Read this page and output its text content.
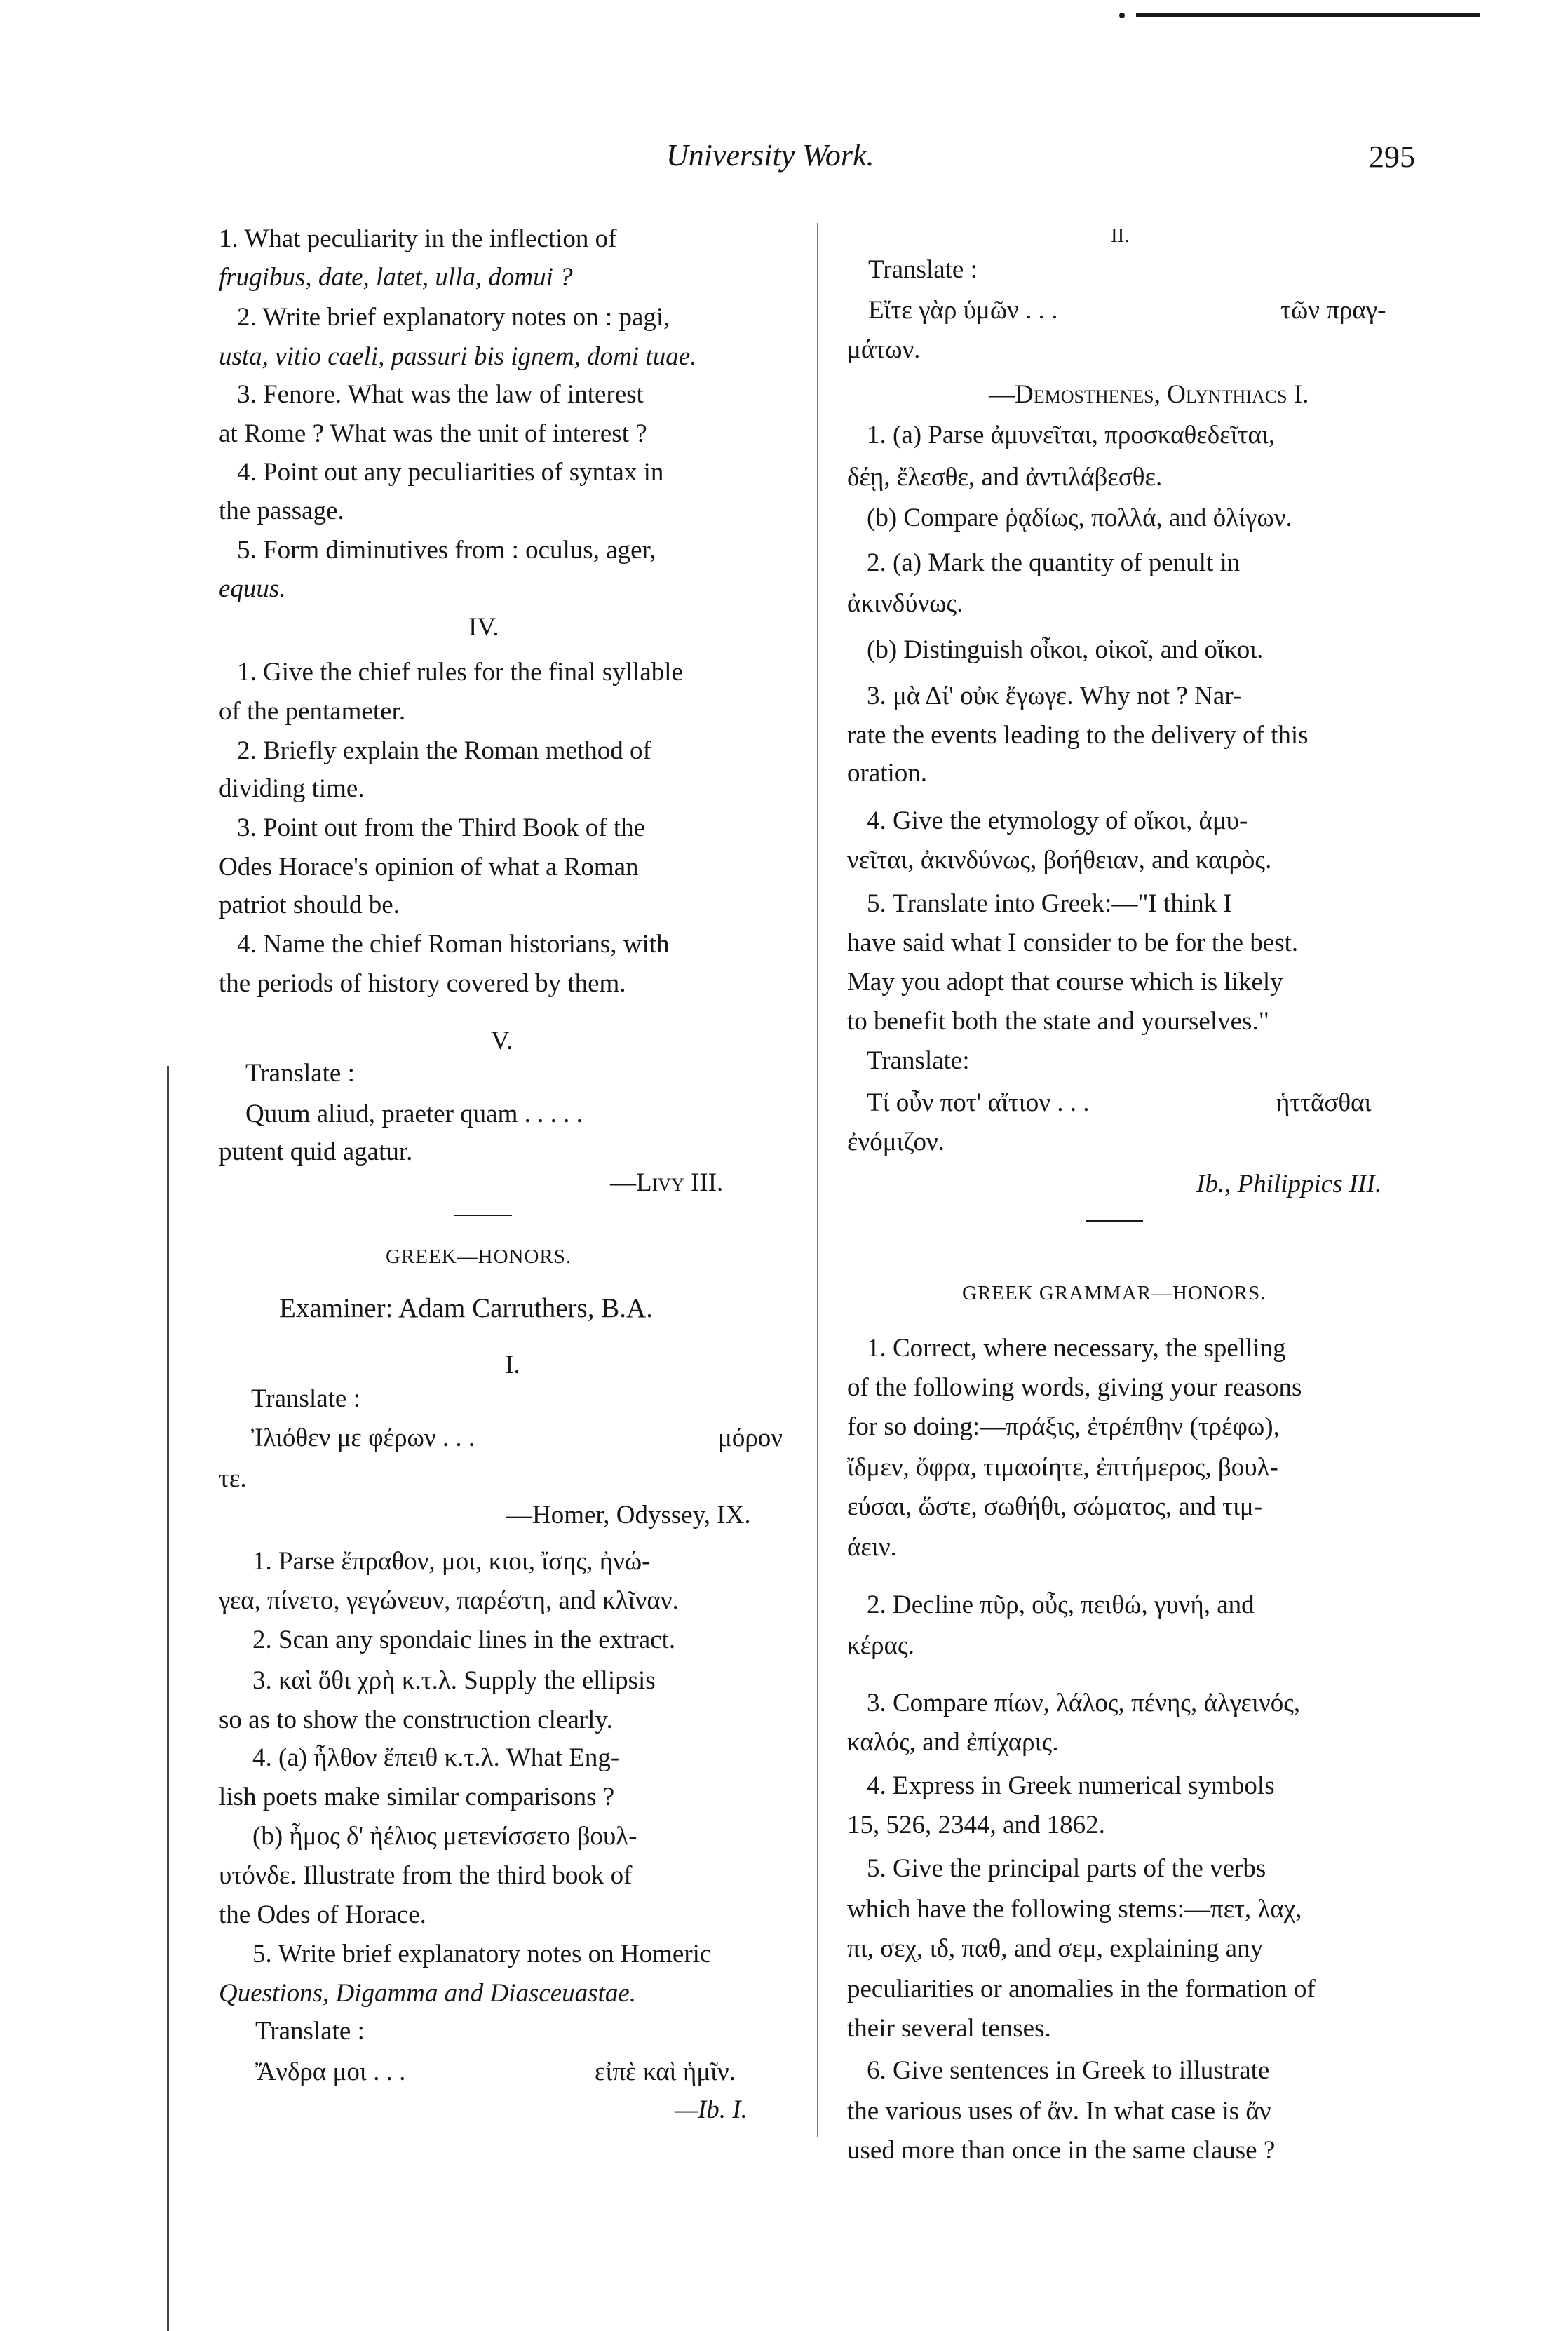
University Work.	295
1. What peculiarity in the inflection of
frugibus, date, latet, ulla, domui ?
2. Write brief explanatory notes on : pagi,
usta, vitio caeli, passuri bis ignem, domi tuae.
3. Fenore. What was the law of interest
at Rome ? What was the unit of interest ?
4. Point out any peculiarities of syntax in
the passage.
5. Form diminutives from : oculus, ager,
equus.
IV.
1. Give the chief rules for the final syllable
of the pentameter.
2. Briefly explain the Roman method of
dividing time.
3. Point out from the Third Book of the
Odes Horace's opinion of what a Roman
patriot should be.
4. Name the chief Roman historians, with
the periods of history covered by them.
V.
Translate :
Quum aliud, praeter quam . . . . .
putent quid agatur.
—Livy III.
GREEK—HONORS.
Examiner: Adam Carruthers, B.A.
I.
Translate :
Ἰλιόθεν με φέρων . . .	μόρον
τε.
—Homer, Odyssey, IX.
1. Parse ἔπραθον, μοι, κιοι, ἴσης, ἠνώ-
γεα, πίνετο, γεγώνευν, παρέστη, and κλῖναν.
2. Scan any spondaic lines in the extract.
3. καὶ ὅθι χρὴ κ.τ.λ. Supply the ellipsis
so as to show the construction clearly.
4. (a) ἦλθον ἔπειθ κ.τ.λ. What Eng-
lish poets make similar comparisons ?
(b) ἦμος δ' ἠέλιος μετενίσσετο βουλ-
υτόνδε. Illustrate from the third book of
the Odes of Horace.
5. Write brief explanatory notes on Homeric
Questions, Digamma and Diasceuastae.
Translate :
Ἄνδρα μοι . . .	εἰπὲ καὶ ἡμῖν.
—Ib. I.
II.
Translate :
Εἴτε γὰρ ὑμῶν . . .	τῶν πραγ-
μάτων.
—Demosthenes, Olynthiacs I.
1. (a) Parse ἀμυνεῖται, προσκαθεδεῖται,
δέῃ, ἔλεσθε, and ἀντιλάβεσθε.
(b) Compare ῥᾳδίως, πολλά, and ὀλίγων.
2. (a) Mark the quantity of penult in
ἀκινδύνως.
(b) Distinguish οἶκοι, οἰκοῖ, and οἴκοι.
3. μὰ Δί' οὐκ ἔγωγε. Why not ? Nar-
rate the events leading to the delivery of this
oration.
4. Give the etymology of οἴκοι, ἀμυ-
νεῖται, ἀκινδύνως, βοήθειαν, and καιρὸς.
5. Translate into Greek:—"I think I
have said what I consider to be for the best.
May you adopt that course which is likely
to benefit both the state and yourselves."
Translate:
Τί οὖν ποτ' αἴτιον . . .	ἡττᾶσθαι
ἐνόμιζον.
Ib., Philippics III.
GREEK GRAMMAR—HONORS.
1. Correct, where necessary, the spelling
of the following words, giving your reasons
for so doing:—πράξις, ἐτρέπθην (τρέφω),
ἴδμεν, ὄφρα, τιμαοίητε, ἐπτήμερος, βουλ-
εύσαι, ὥστε, σωθήθι, σώματος, and τιμ-
άειν.
2. Decline πῦρ, οὖς, πειθώ, γυνή, and
κέρας.
3. Compare πίων, λάλος, πένης, ἀλγεινός,
καλός, and ἐπίχαρις.
4. Express in Greek numerical symbols
15, 526, 2344, and 1862.
5. Give the principal parts of the verbs
which have the following stems:—πετ, λαχ,
πι, σεχ, ιδ, παθ, and σεμ, explaining any
peculiarities or anomalies in the formation of
their several tenses.
6. Give sentences in Greek to illustrate
the various uses of ἄν. In what case is ἄν
used more than once in the same clause ?
